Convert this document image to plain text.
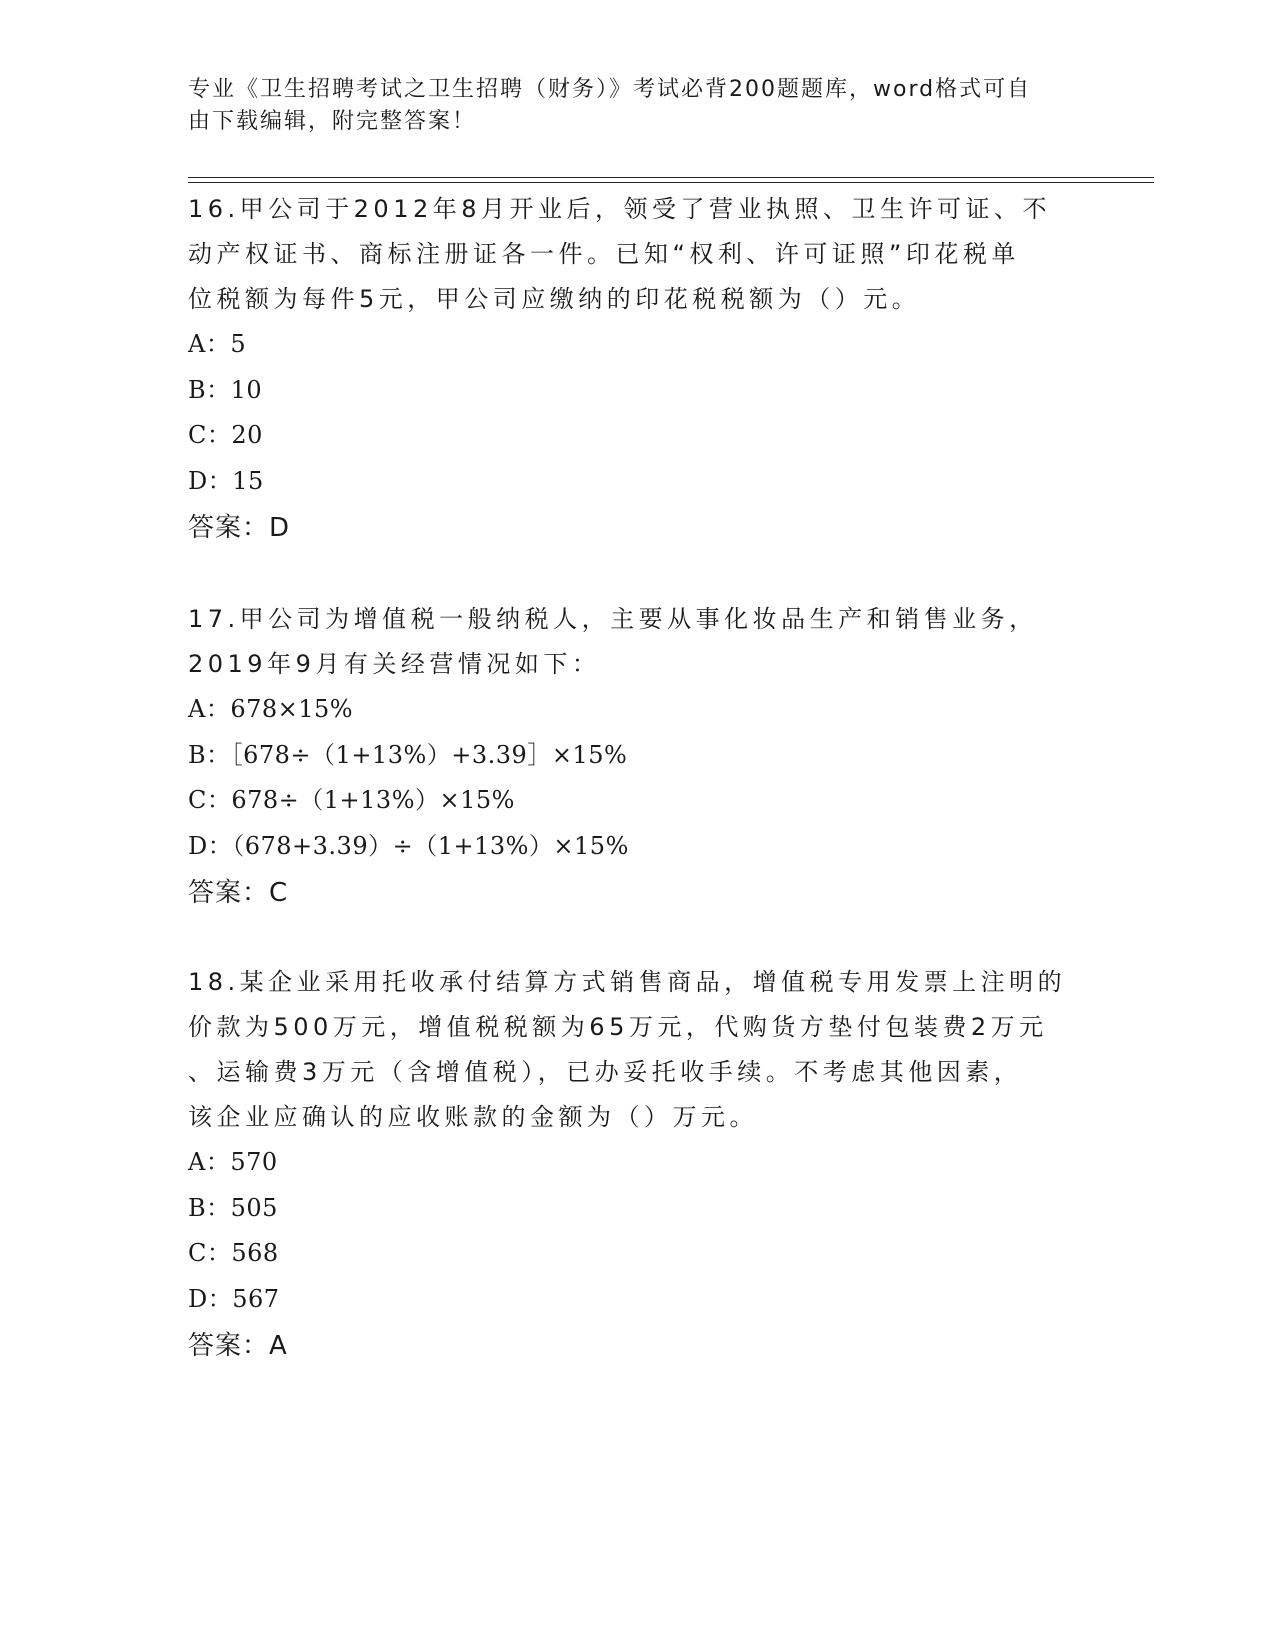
专业《卫生招聘考试之卫生招聘（财务）》考试必背200题题库，word格式可自
由下载编辑，附完整答案！
16.甲公司于2012年8月开业后，领受了营业执照、卫生许可证、不
动产权证书、商标注册证各一件。已知“权利、许可证照”印花税单
位税额为每件5元，甲公司应缴纳的印花税税额为（）元。
A：5
B：10
C：20
D：15
答案：D
17.甲公司为增值税一般纳税人，主要从事化妆品生产和销售业务，
2019年9月有关经营情况如下：
A：678×15%
B：［678÷（1+13%）+3.39］×15%
C：678÷（1+13%）×15%
D：（678+3.39）÷（1+13%）×15%
答案：C
18.某企业采用托收承付结算方式销售商品，增值税专用发票上注明的
价款为500万元，增值税税额为65万元，代购货方垫付包装费2万元
、运输费3万元（含增值税），已办妥托收手续。不考虑其他因素，
该企业应确认的应收账款的金额为（）万元。
A：570
B：505
C：568
D：567
答案：A
